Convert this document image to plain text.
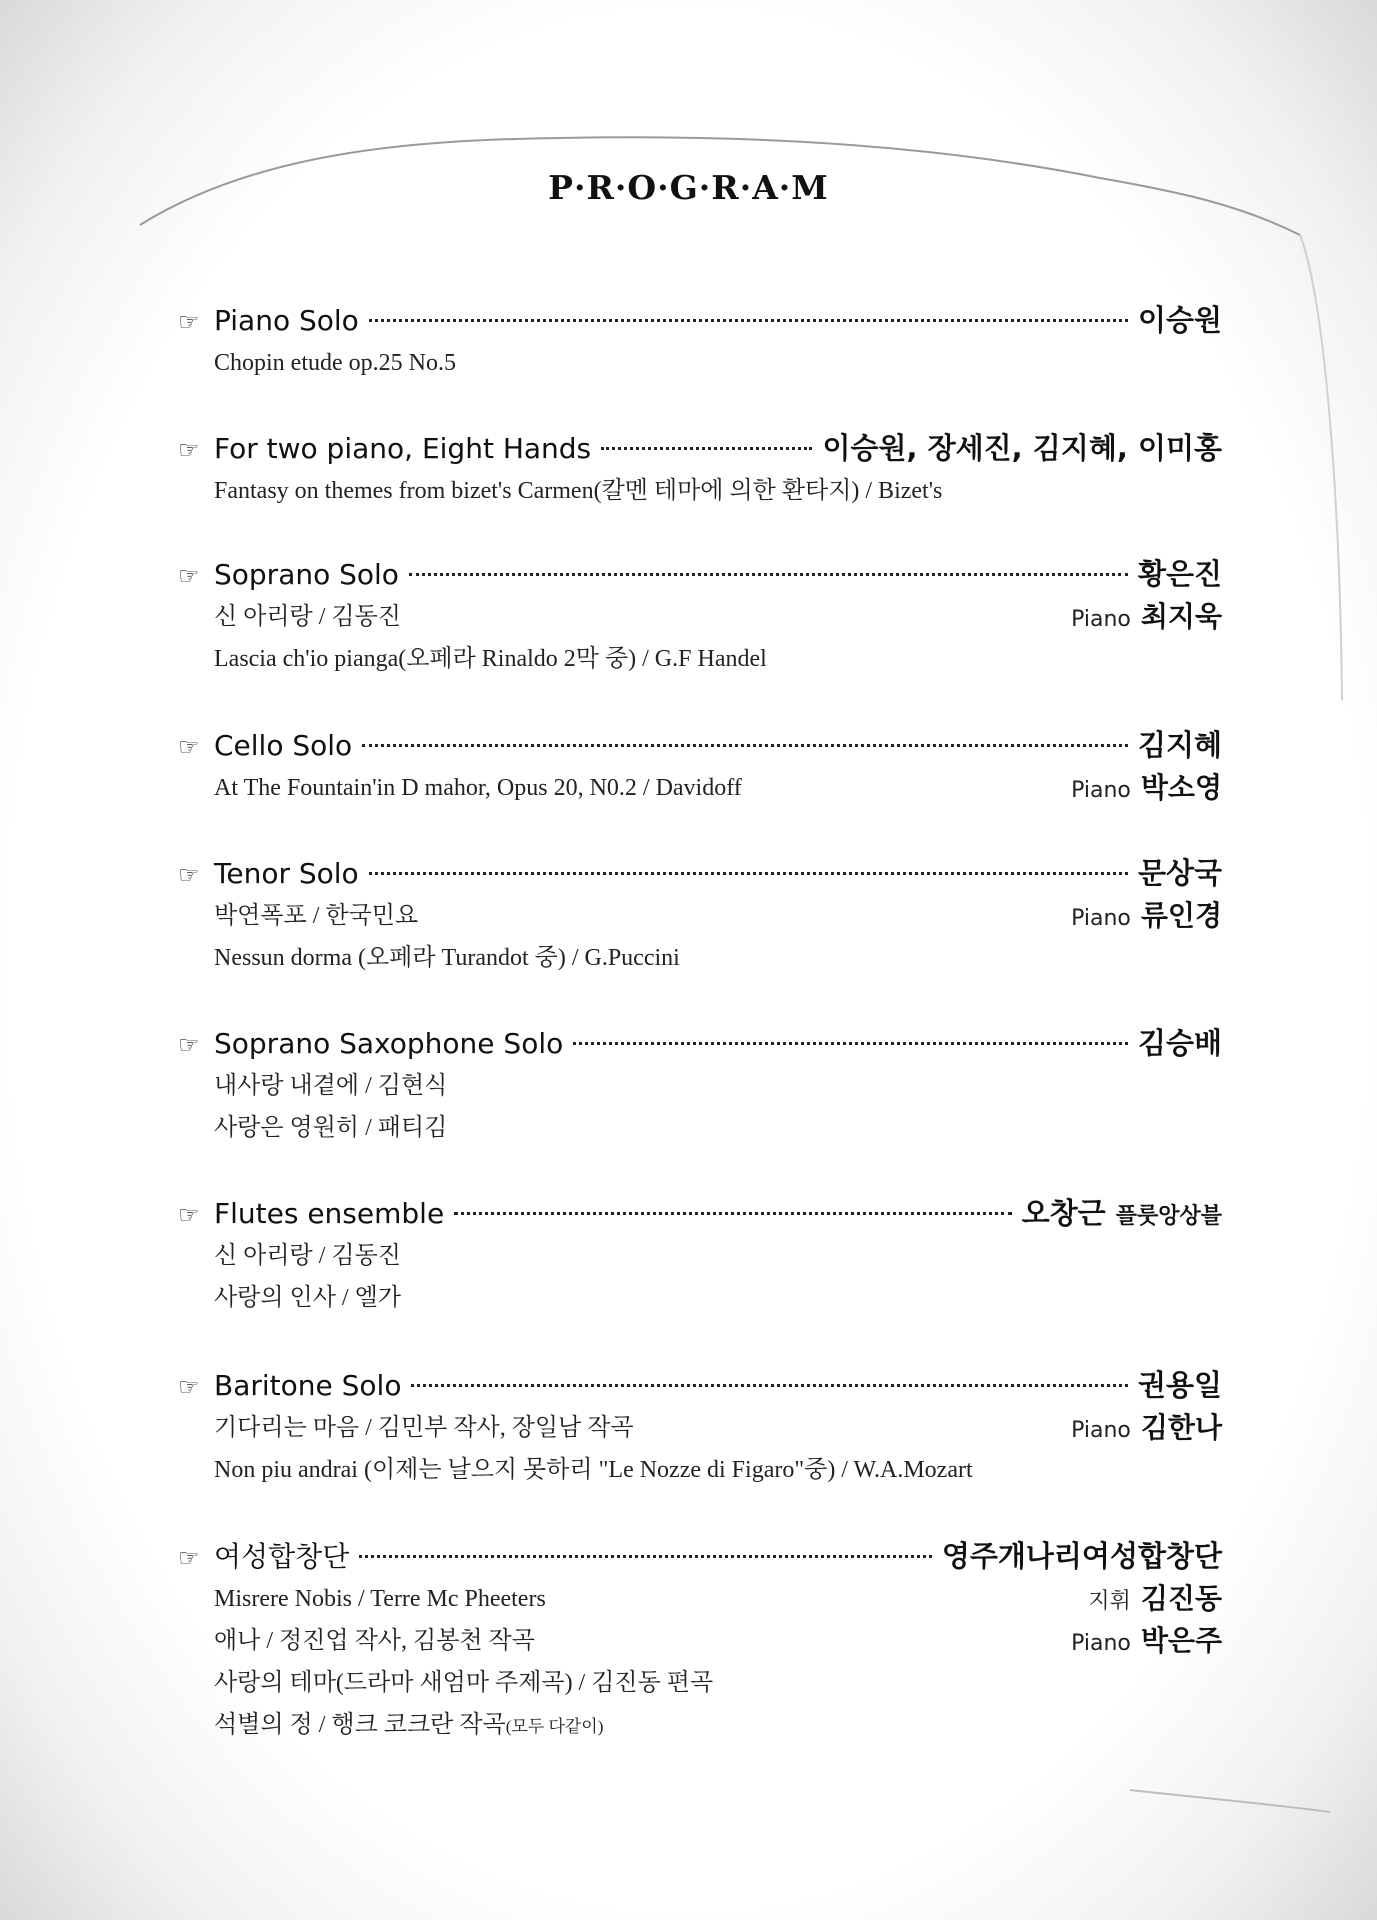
P·R·O·G·R·A·M
☞ Piano Solo	이승원
Chopin etude op.25 No.5
☞ For two piano, Eight Hands	이승원, 장세진, 김지혜, 이미홍
Fantasy on themes from bizet's Carmen(칼멘 테마에 의한 환타지) / Bizet's
☞ Soprano Solo	황은진
신 아리랑 / 김동진	Piano 최지욱
Lascia ch'io pianga(오페라 Rinaldo 2막 중) / G.F Handel
☞ Cello Solo	김지혜
At The Fountain'in D mahor, Opus 20, N0.2 / Davidoff	Piano 박소영
☞ Tenor Solo	문상국
박연폭포 / 한국민요	Piano 류인경
Nessun dorma (오페라 Turandot 중) / G.Puccini
☞ Soprano Saxophone Solo	김승배
내사랑 내곁에 / 김현식
사랑은 영원히 / 패티김
☞ Flutes ensemble	오창근 플룻앙상블
신 아리랑 / 김동진
사랑의 인사 / 엘가
☞ Baritone Solo	권용일
기다리는 마음 / 김민부 작사, 장일남 작곡	Piano 김한나
Non piu andrai (이제는 날으지 못하리 "Le Nozze di Figaro"중) / W.A.Mozart
☞ 여성합창단	영주개나리여성합창단
Misrere Nobis / Terre Mc Pheeters	지휘 김진동
애나 / 정진업 작사, 김봉천 작곡	Piano 박은주
사랑의 테마(드라마 새엄마 주제곡) / 김진동 편곡
석별의 정 / 행크 코크란 작곡(모두 다같이)
